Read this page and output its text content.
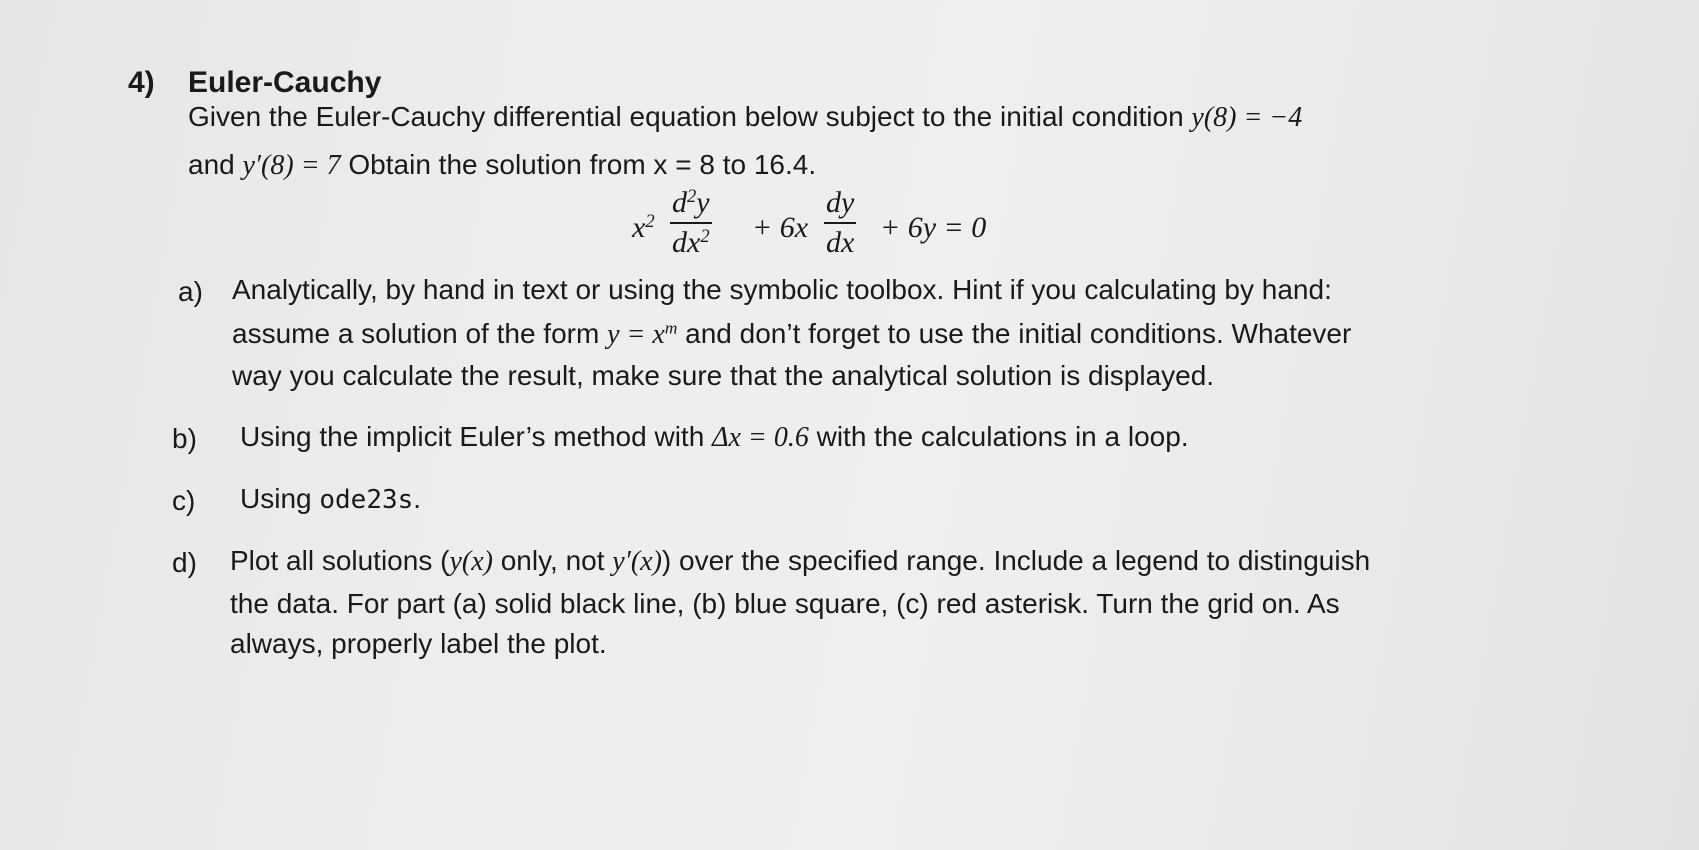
4) Euler-Cauchy
Given the Euler-Cauchy differential equation below subject to the initial condition y(8) = −4
and y′(8) = 7 Obtain the solution from x = 8 to 16.4.
$x^2$
$d^2y$
$dx^2 + 6x$
dy
dx + 6y = 0
a) Analytically, by hand in text or using the symbolic toolbox. Hint if you calculating by hand:
assume a solution of the form $y = x^m$ and don’t forget to use the initial conditions. Whatever
way you calculate the result, make sure that the analytical solution is displayed.
b) Using the implicit Euler’s method with Δx = 0.6 with the calculations in a loop.
c) Using ode23s.
d) Plot all solutions (y(x) only, not y′(x)) over the specified range. Include a legend to distinguish
the data. For part (a) solid black line, (b) blue square, (c) red asterisk. Turn the grid on. As
always, properly label the plot.
